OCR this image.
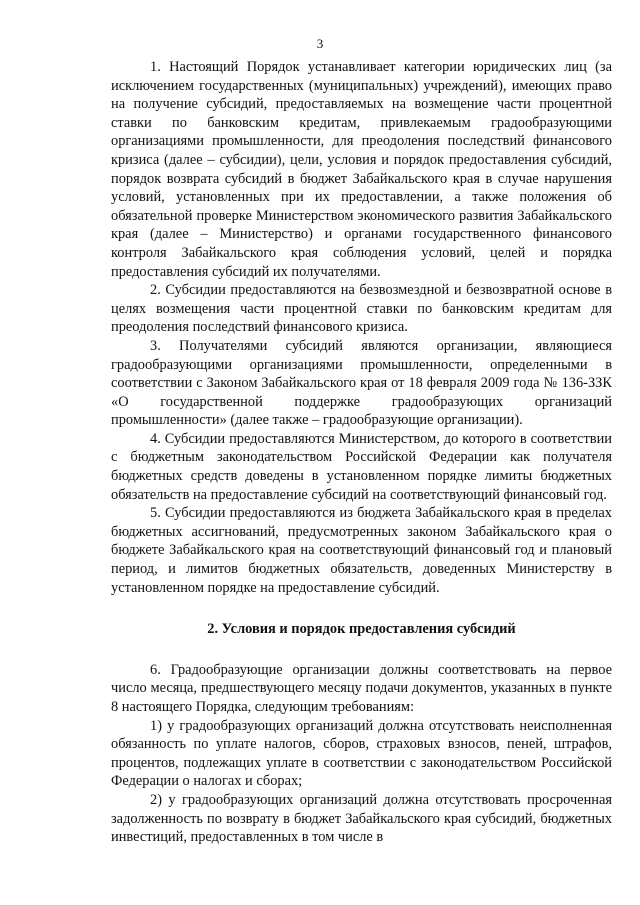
3

1. Настоящий Порядок устанавливает категории юридических лиц (за исключением государственных (муниципальных) учреждений), имеющих право на получение субсидий, предоставляемых на возмещение части процентной ставки по банковским кредитам, привлекаемым градообразующими организациями промышленности, для преодоления последствий финансового кризиса (далее – субсидии), цели, условия и порядок предоставления субсидий, порядок возврата субсидий в бюджет Забайкальского края в случае нарушения условий, установленных при их предоставлении, а также положения об обязательной проверке Министерством экономического развития Забайкальского края (далее – Министерство) и органами государственного финансового контроля Забайкальского края соблюдения условий, целей и порядка предоставления субсидий их получателями.

2. Субсидии предоставляются на безвозмездной и безвозвратной основе в целях возмещения части процентной ставки по банковским кредитам для преодоления последствий финансового кризиса.

3. Получателями субсидий являются организации, являющиеся градообразующими организациями промышленности, определенными в соответствии с Законом Забайкальского края от 18 февраля 2009 года № 136-ЗЗК «О государственной поддержке градообразующих организаций промышленности» (далее также – градообразующие организации).

4. Субсидии предоставляются Министерством, до которого в соответствии с бюджетным законодательством Российской Федерации как получателя бюджетных средств доведены в установленном порядке лимиты бюджетных обязательств на предоставление субсидий на соответствующий финансовый год.

5. Субсидии предоставляются из бюджета Забайкальского края в пределах бюджетных ассигнований, предусмотренных законом Забайкальского края о бюджете Забайкальского края на соответствующий финансовый год и плановый период, и лимитов бюджетных обязательств, доведенных Министерству в установленном порядке на предоставление субсидий.

2. Условия и порядок предоставления субсидий

6. Градообразующие организации должны соответствовать на первое число месяца, предшествующего месяцу подачи документов, указанных в пункте 8 настоящего Порядка, следующим требованиям:

1) у градообразующих организаций должна отсутствовать неисполненная обязанность по уплате налогов, сборов, страховых взносов, пеней, штрафов, процентов, подлежащих уплате в соответствии с законодательством Российской Федерации о налогах и сборах;

2) у градообразующих организаций должна отсутствовать просроченная задолженность по возврату в бюджет Забайкальского края субсидий, бюджетных инвестиций, предоставленных в том числе в
